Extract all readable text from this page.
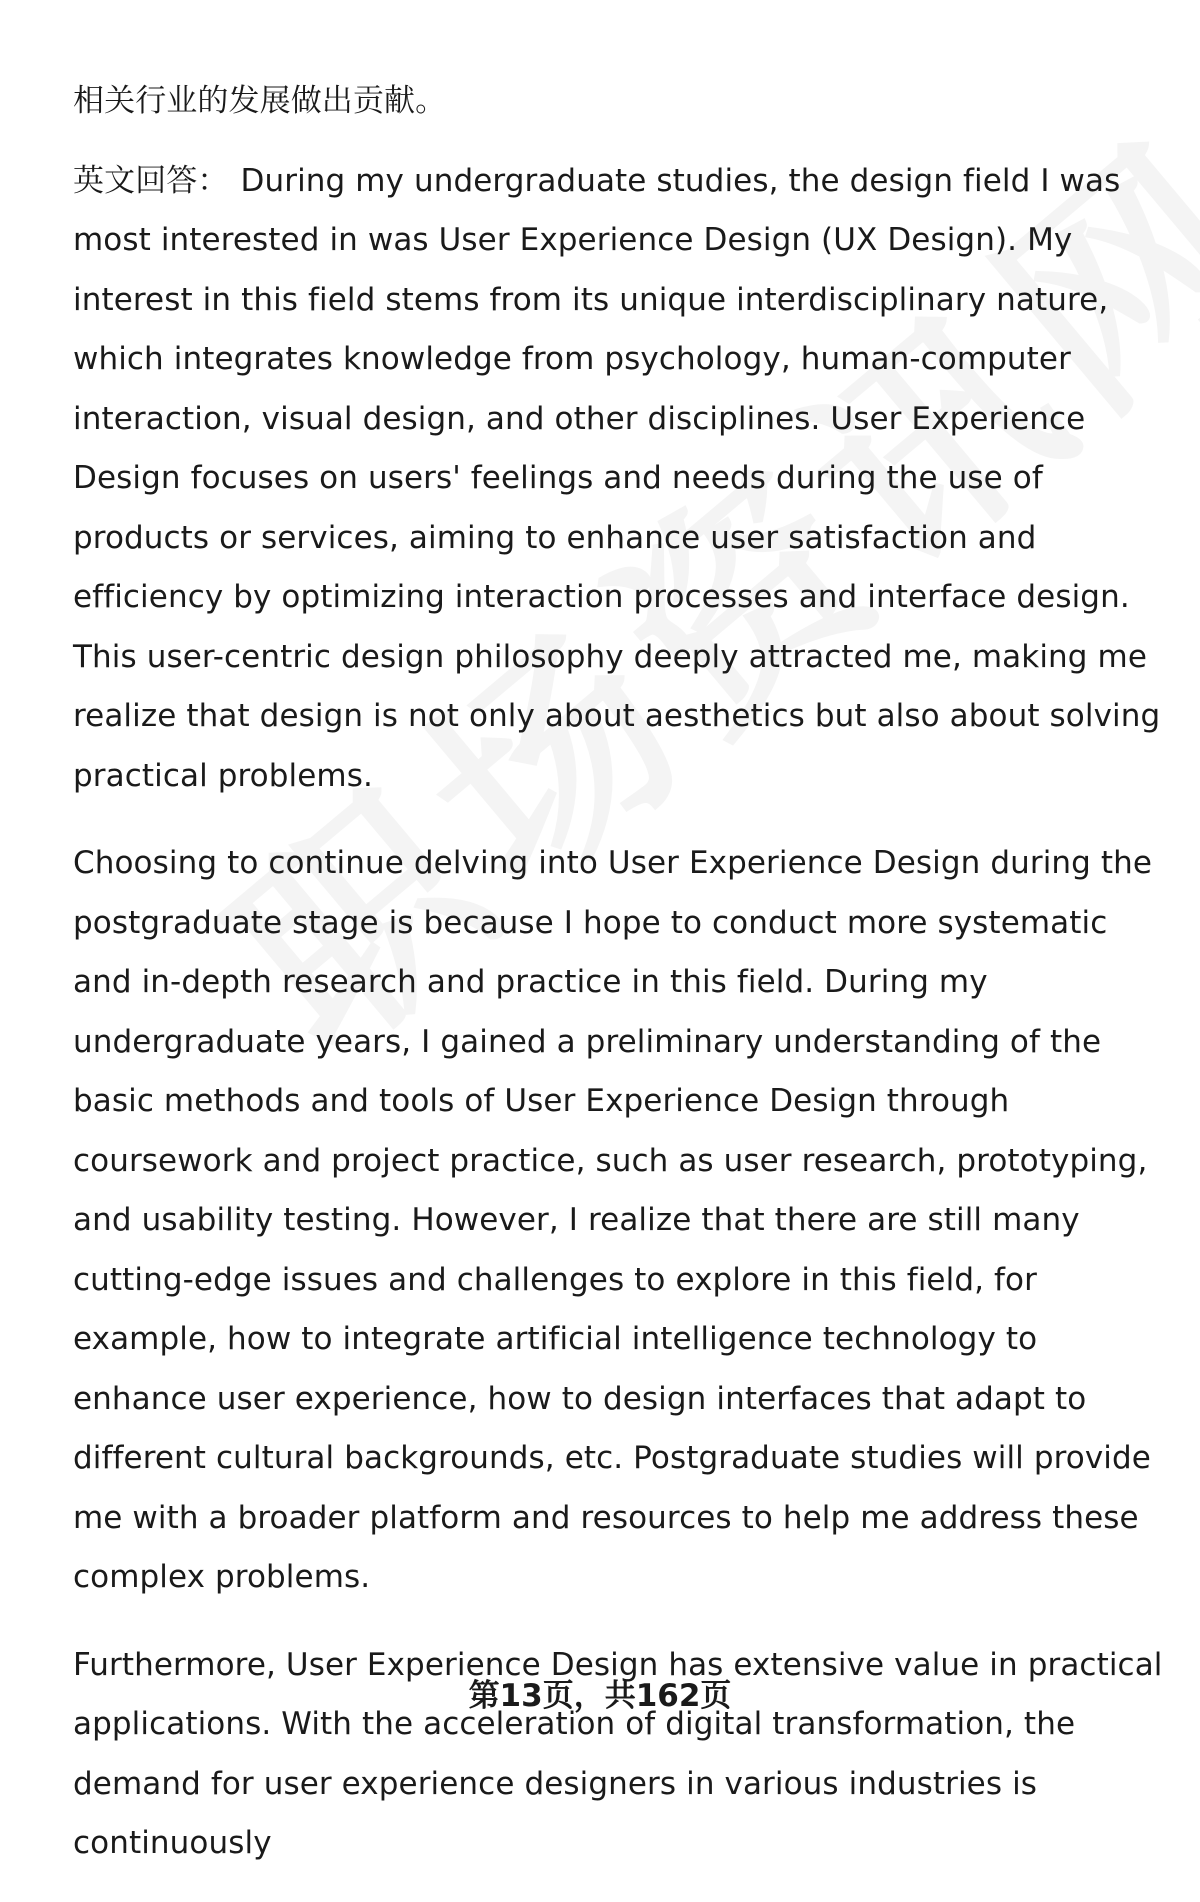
相关行业的发展做出贡献。

英文回答： During my undergraduate studies, the design field I was most interested in was User Experience Design (UX Design). My interest in this field stems from its unique interdisciplinary nature, which integrates knowledge from psychology, human-computer interaction, visual design, and other disciplines. User Experience Design focuses on users' feelings and needs during the use of products or services, aiming to enhance user satisfaction and efficiency by optimizing interaction processes and interface design. This user-centric design philosophy deeply attracted me, making me realize that design is not only about aesthetics but also about solving practical problems.

Choosing to continue delving into User Experience Design during the postgraduate stage is because I hope to conduct more systematic and in-depth research and practice in this field. During my undergraduate years, I gained a preliminary understanding of the basic methods and tools of User Experience Design through coursework and project practice, such as user research, prototyping, and usability testing. However, I realize that there are still many cutting-edge issues and challenges to explore in this field, for example, how to integrate artificial intelligence technology to enhance user experience, how to design interfaces that adapt to different cultural backgrounds, etc. Postgraduate studies will provide me with a broader platform and resources to help me address these complex problems.

Furthermore, User Experience Design has extensive value in practical applications. With the acceleration of digital transformation, the demand for user experience designers in various industries is continuously

第13页，共162页
